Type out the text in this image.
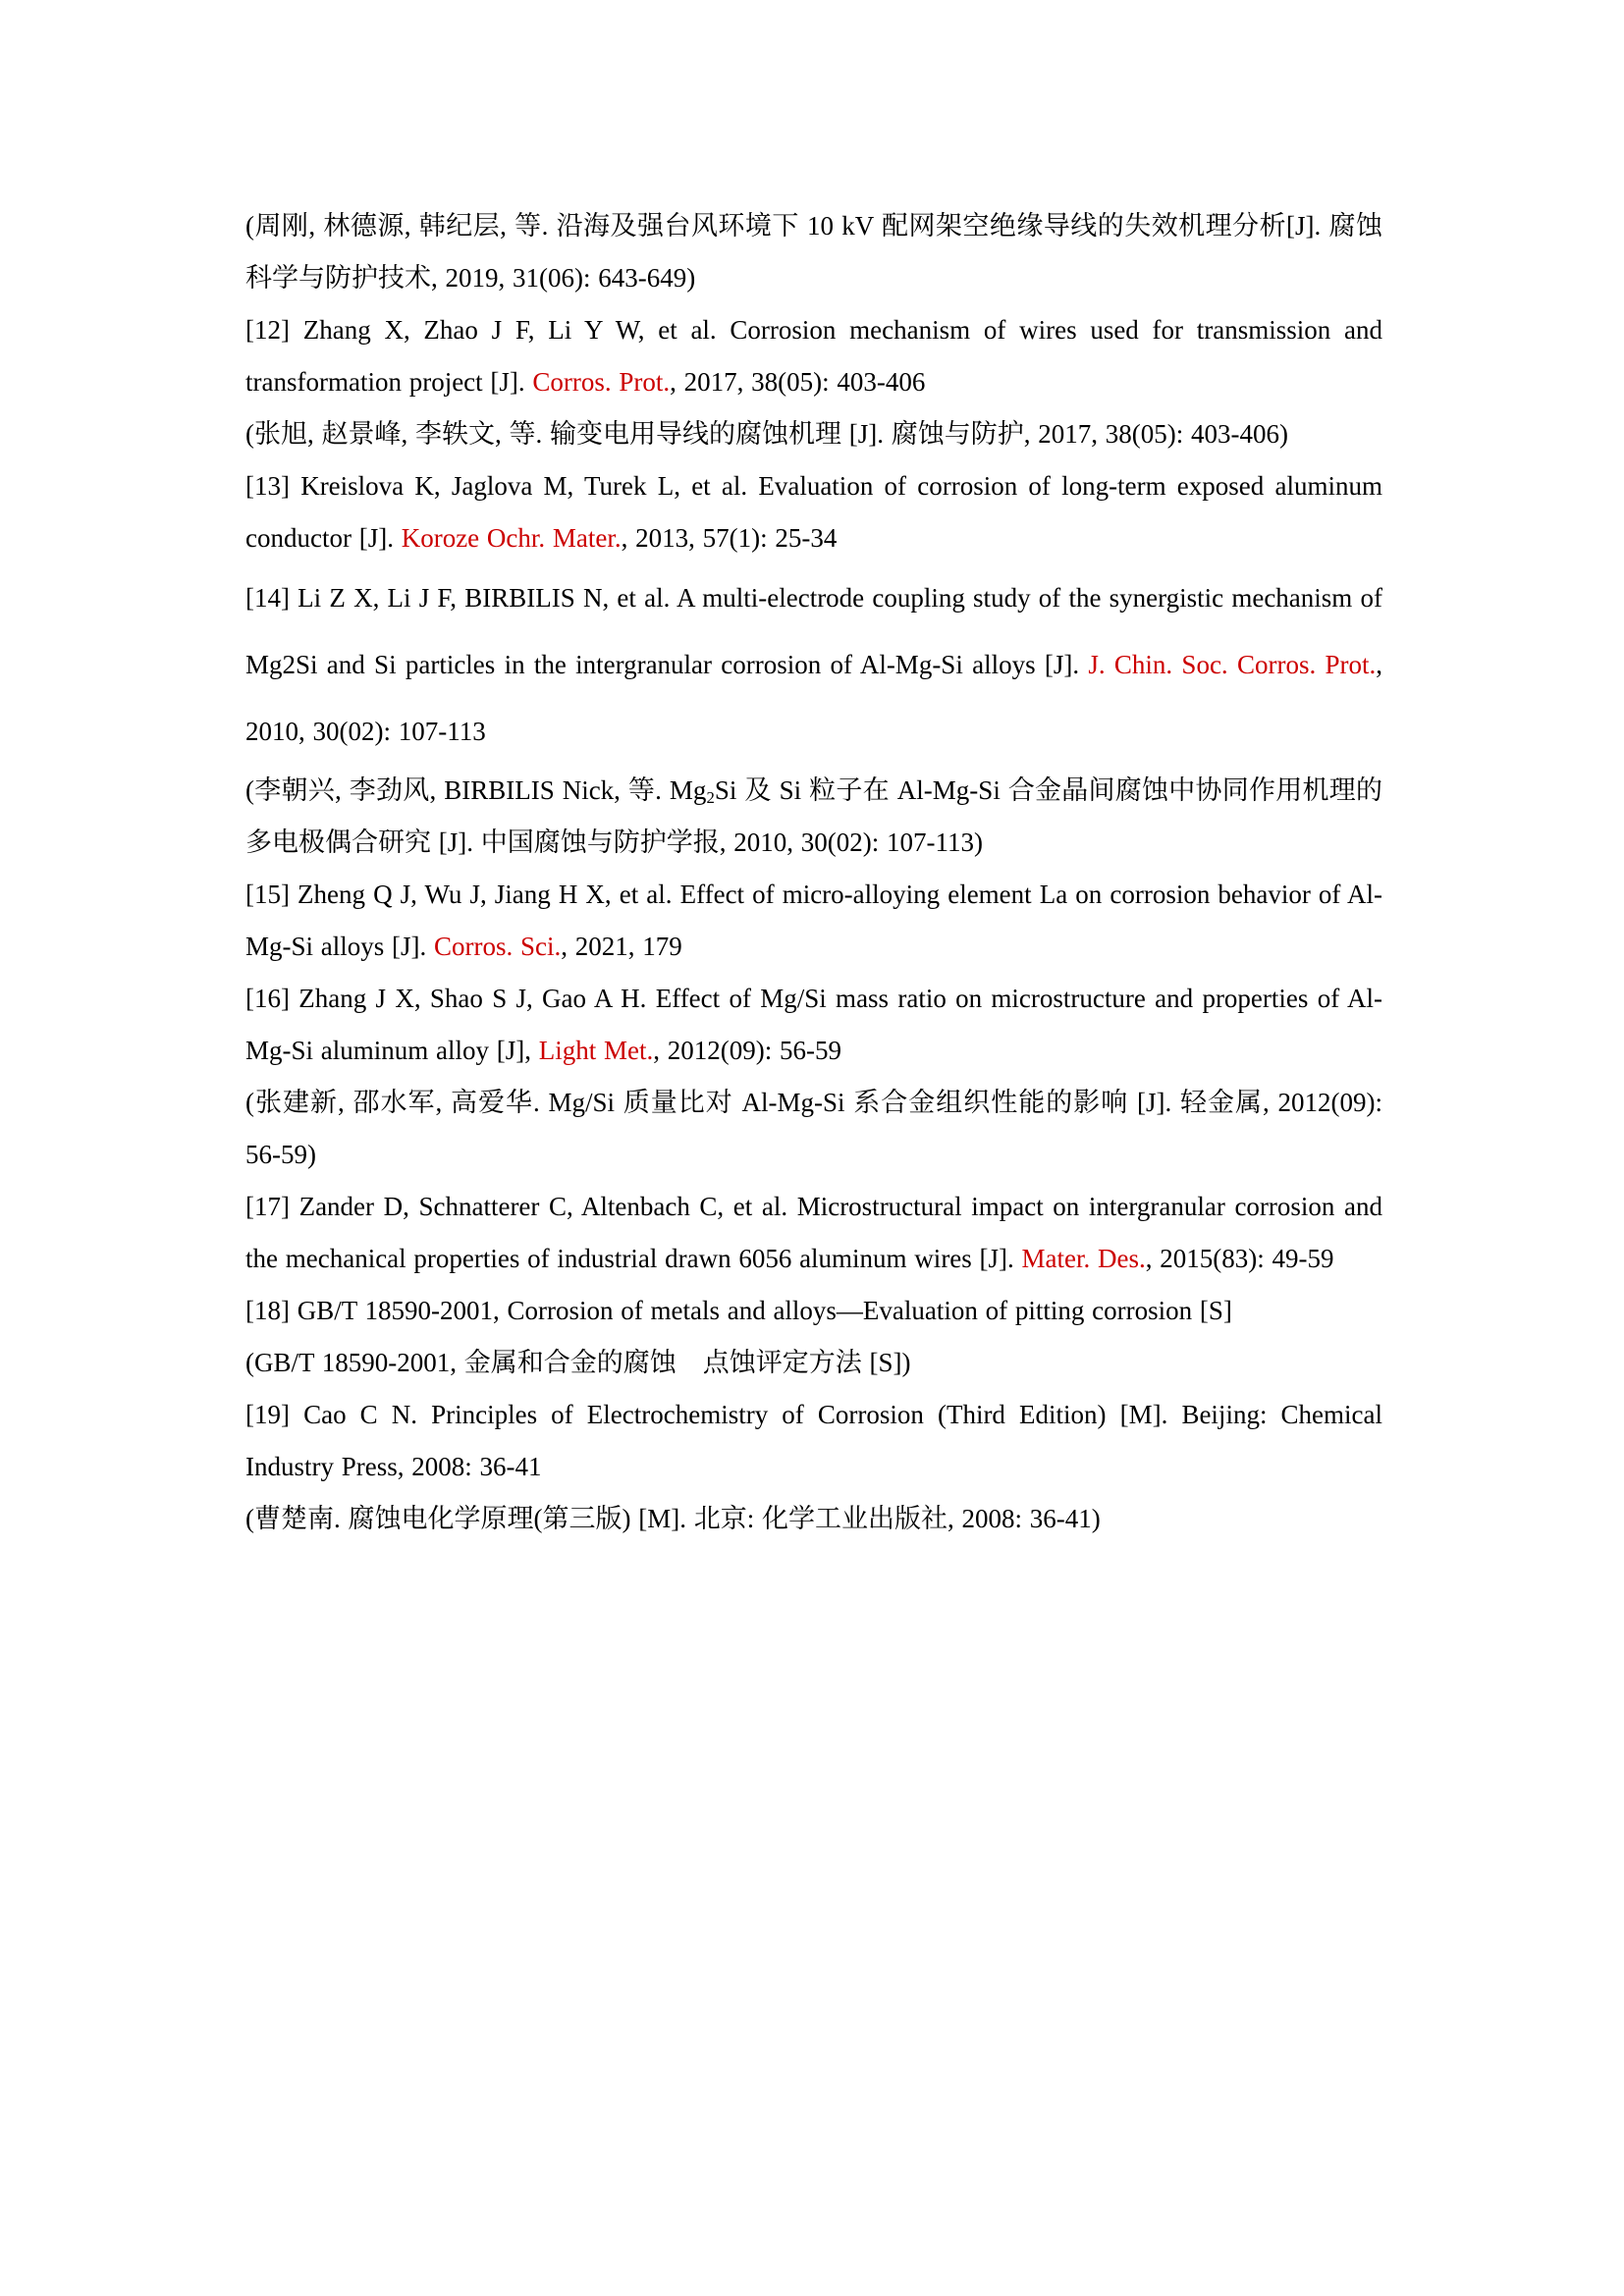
(周刚, 林德源, 韩纪层, 等. 沿海及强台风环境下 10 kV 配网架空绝缘导线的失效机理分析[J]. 腐蚀科学与防护技术, 2019, 31(06): 643-649)

[12] Zhang X, Zhao J F, Li Y W, et al. Corrosion mechanism of wires used for transmission and transformation project [J]. Corros. Prot., 2017, 38(05): 403-406

(张旭, 赵景峰, 李轶文, 等. 输变电用导线的腐蚀机理 [J]. 腐蚀与防护, 2017, 38(05): 403-406)

[13] Kreislova K, Jaglova M, Turek L, et al. Evaluation of corrosion of long-term exposed aluminum conductor [J]. Koroze Ochr. Mater., 2013, 57(1): 25-34

[14] Li Z X, Li J F, BIRBILIS N, et al. A multi-electrode coupling study of the synergistic mechanism of Mg2Si and Si particles in the intergranular corrosion of Al-Mg-Si alloys [J]. J. Chin. Soc. Corros. Prot., 2010, 30(02): 107-113

(李朝兴, 李劲风, BIRBILIS Nick, 等. $Mg_2Si$ 及 Si 粒子在 Al-Mg-Si 合金晶间腐蚀中协同作用机理的多电极偶合研究 [J]. 中国腐蚀与防护学报, 2010, 30(02): 107-113)

[15] Zheng Q J, Wu J, Jiang H X, et al. Effect of micro-alloying element La on corrosion behavior of Al-Mg-Si alloys [J]. Corros. Sci., 2021, 179

[16] Zhang J X, Shao S J, Gao A H. Effect of Mg/Si mass ratio on microstructure and properties of Al-Mg-Si aluminum alloy [J], Light Met., 2012(09): 56-59

(张建新, 邵水军, 高爱华. Mg/Si 质量比对 Al-Mg-Si 系合金组织性能的影响 [J]. 轻金属, 2012(09): 56-59)

[17] Zander D, Schnatterer C, Altenbach C, et al. Microstructural impact on intergranular corrosion and the mechanical properties of industrial drawn 6056 aluminum wires [J]. Mater. Des., 2015(83): 49-59

[18] GB/T 18590-2001, Corrosion of metals and alloys—Evaluation of pitting corrosion [S]

(GB/T 18590-2001, 金属和合金的腐蚀　点蚀评定方法 [S])

[19] Cao C N. Principles of Electrochemistry of Corrosion (Third Edition) [M]. Beijing: Chemical Industry Press, 2008: 36-41

(曹楚南. 腐蚀电化学原理(第三版) [M]. 北京: 化学工业出版社, 2008: 36-41)
